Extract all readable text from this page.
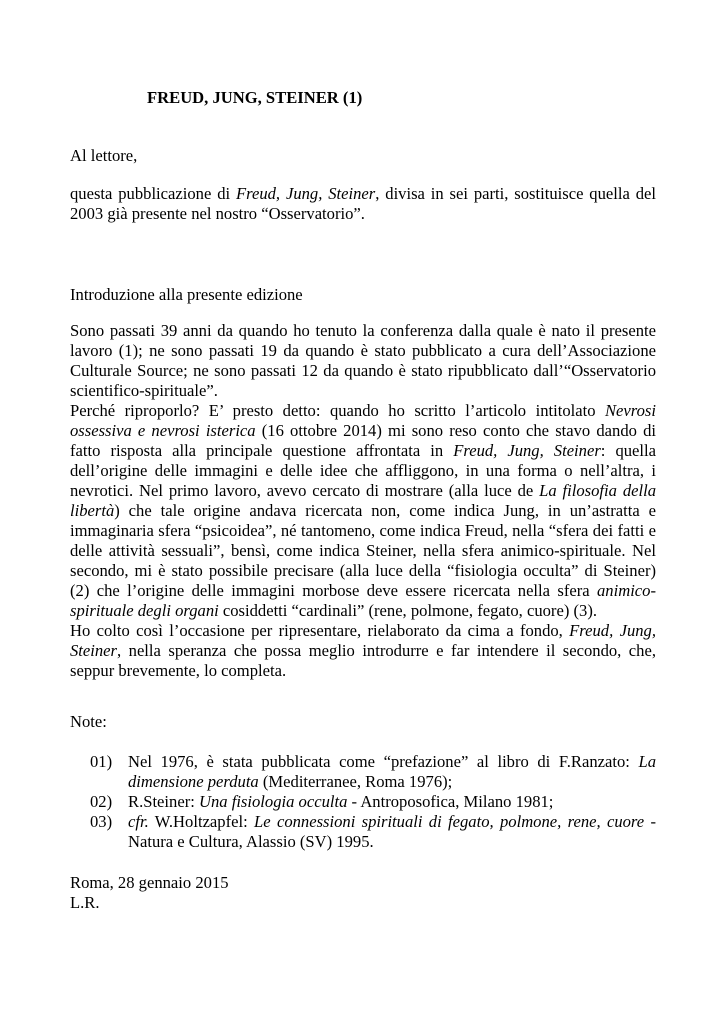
FREUD, JUNG, STEINER (1)
Al lettore,
questa pubblicazione di Freud, Jung, Steiner, divisa in sei parti, sostituisce quella del 2003 già presente nel nostro “Osservatorio”.
Introduzione alla presente edizione

Sono passati 39 anni da quando ho tenuto la conferenza dalla quale è nato il presente lavoro (1); ne sono passati 19 da quando è stato pubblicato a cura dell’Associazione Culturale Source; ne sono passati 12 da quando è stato ripubblicato dall’“Osservatorio scientifico-spirituale”.

Perché riproporlo? E’ presto detto: quando ho scritto l’articolo intitolato Nevrosi ossessiva e nevrosi isterica (16 ottobre 2014) mi sono reso conto che stavo dando di fatto risposta alla principale questione affrontata in Freud, Jung, Steiner: quella dell’origine delle immagini e delle idee che affliggono, in una forma o nell’altra, i nevrotici. Nel primo lavoro, avevo cercato di mostrare (alla luce de La filosofia della libertà) che tale origine andava ricercata non, come indica Jung, in un’astratta e immaginaria sfera “psicoidea”, né tantomeno, come indica Freud, nella “sfera dei fatti e delle attività sessuali”, bensì, come indica Steiner, nella sfera animico-spirituale. Nel secondo, mi è stato possibile precisare (alla luce della “fisiologia occulta” di Steiner) (2) che l’origine delle immagini morbose deve essere ricercata nella sfera animico-spirituale degli organi cosiddetti “cardinali” (rene, polmone, fegato, cuore) (3).

Ho colto così l’occasione per ripresentare, rielaborato da cima a fondo, Freud, Jung, Steiner, nella speranza che possa meglio introdurre e far intendere il secondo, che, seppur brevemente, lo completa.

Note:
01) Nel 1976, è stata pubblicata come “prefazione” al libro di F.Ranzato: La dimensione perduta (Mediterranee, Roma 1976);
02) R.Steiner: Una fisiologia occulta - Antroposofica, Milano 1981;
03) cfr. W.Holtzapfel: Le connessioni spirituali di fegato, polmone, rene, cuore - Natura e Cultura, Alassio (SV) 1995.
Roma, 28 gennaio 2015
L.R.
